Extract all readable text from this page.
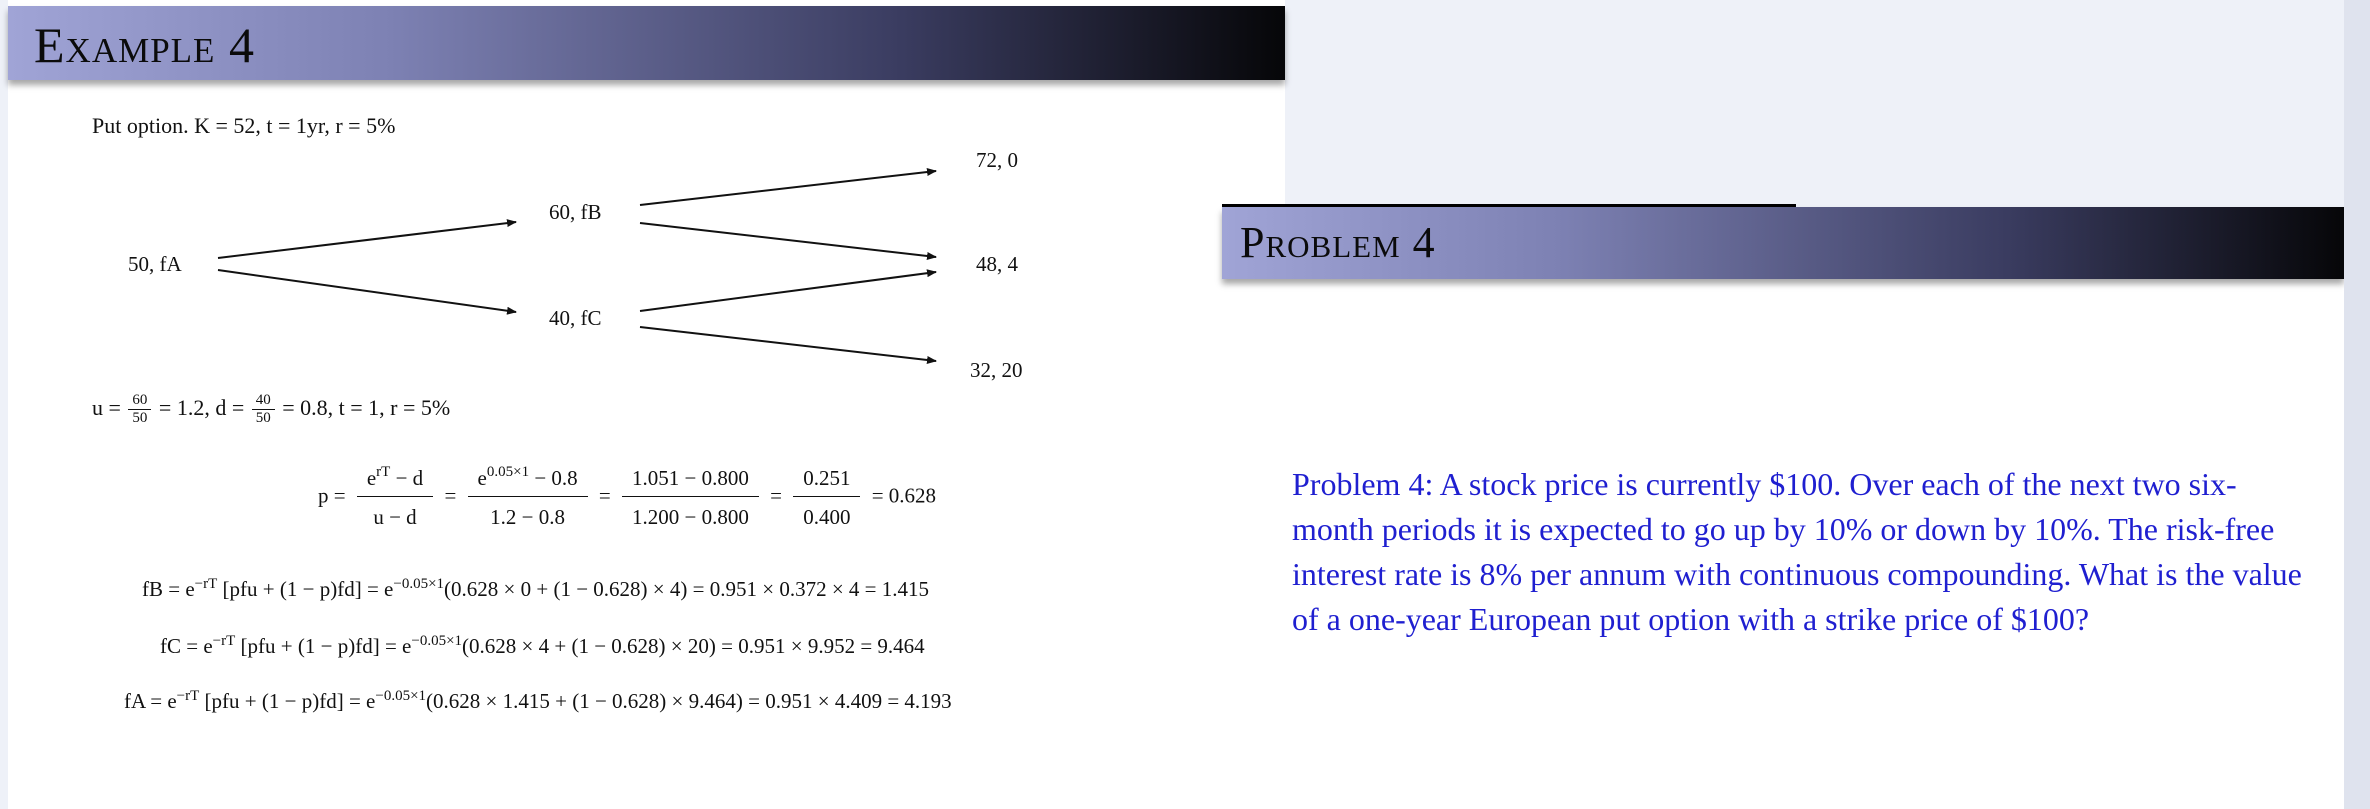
Example 4
Put option. K = 52, t = 1yr, r = 5%
50, fA
60, fB
40, fC
72, 0
48, 4
32, 20
$u = \frac{60}{50} = 1.2$, $d = \frac{40}{50} = 0.8$, t = 1, r = 5%
$p = \frac{e^{rT} - d}{u - d} = \frac{e^{0.05\times 1} - 0.8}{1.2 - 0.8} = \frac{1.051 - 0.800}{1.200 - 0.800} = \frac{0.251}{0.400} = 0.628$
fB = $e^{-rT}$ $[pfu + (1 - p)fd] = e^{-0.05\times 1}(0.628 \times 0 + (1 - 0.628) \times 4) = 0.951 \times 0.372 \times 4 = 1.415$
fC = $e^{-rT}$ $[pfu + (1 - p)fd] = e^{-0.05\times 1}(0.628 \times 4 + (1 - 0.628) \times 20) = 0.951 \times 9.952 = 9.464$
fA = $e^{-rT}$ $[pfu + (1 - p)fd] = e^{-0.05\times 1}(0.628 \times 1.415 + (1 - 0.628) \times 9.464) = 0.951 \times 4.409 = 4.193$
Problem 4
Problem 4: A stock price is currently $100. Over each of the next two six-month periods it is expected to go up by 10% or down by 10%. The risk-free interest rate is 8% per annum with continuous compounding. What is the value of a one-year European put option with a strike price of $100?
